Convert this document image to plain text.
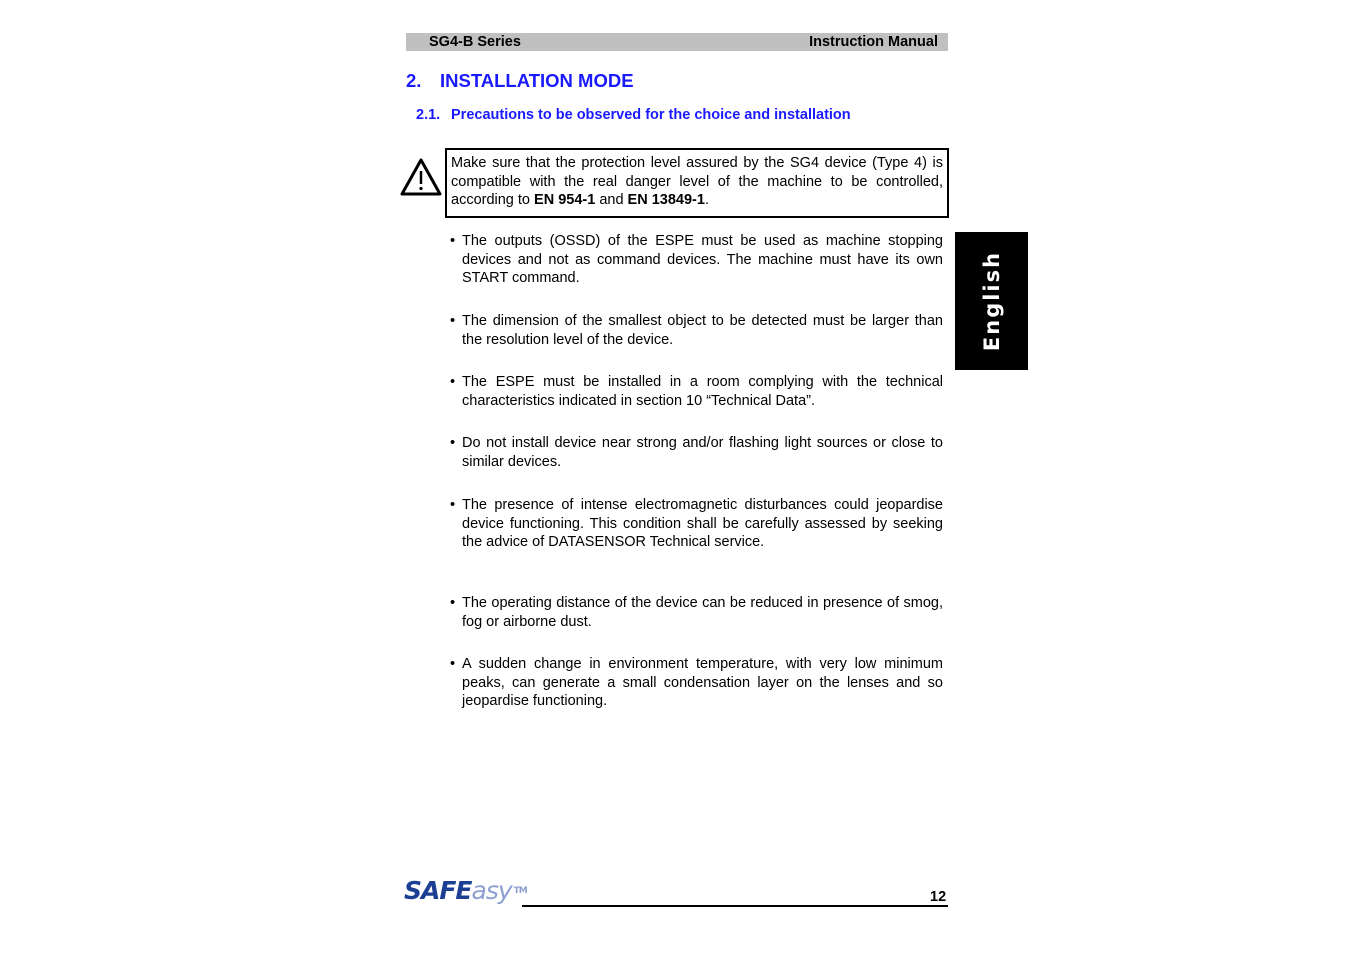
SG4-B Series	Instruction Manual
2. INSTALLATION MODE
2.1. Precautions to be observed for the choice and installation
Make sure that the protection level assured by the SG4 device (Type 4) is compatible with the real danger level of the machine to be controlled, according to EN 954-1 and EN 13849-1.
• The outputs (OSSD) of the ESPE must be used as machine stopping devices and not as command devices. The machine must have its own START command.
• The dimension of the smallest object to be detected must be larger than the resolution level of the device.
• The ESPE must be installed in a room complying with the technical characteristics indicated in section 10 “Technical Data”.
• Do not install device near strong and/or flashing light sources or close to similar devices.
• The presence of intense electromagnetic disturbances could jeopardise device functioning. This condition shall be carefully assessed by seeking the advice of DATASENSOR Technical service.
• The operating distance of the device can be reduced in presence of smog, fog or airborne dust.
• A sudden change in environment temperature, with very low minimum peaks, can generate a small condensation layer on the lenses and so jeopardise functioning.
English
SAFEasy ™	12
